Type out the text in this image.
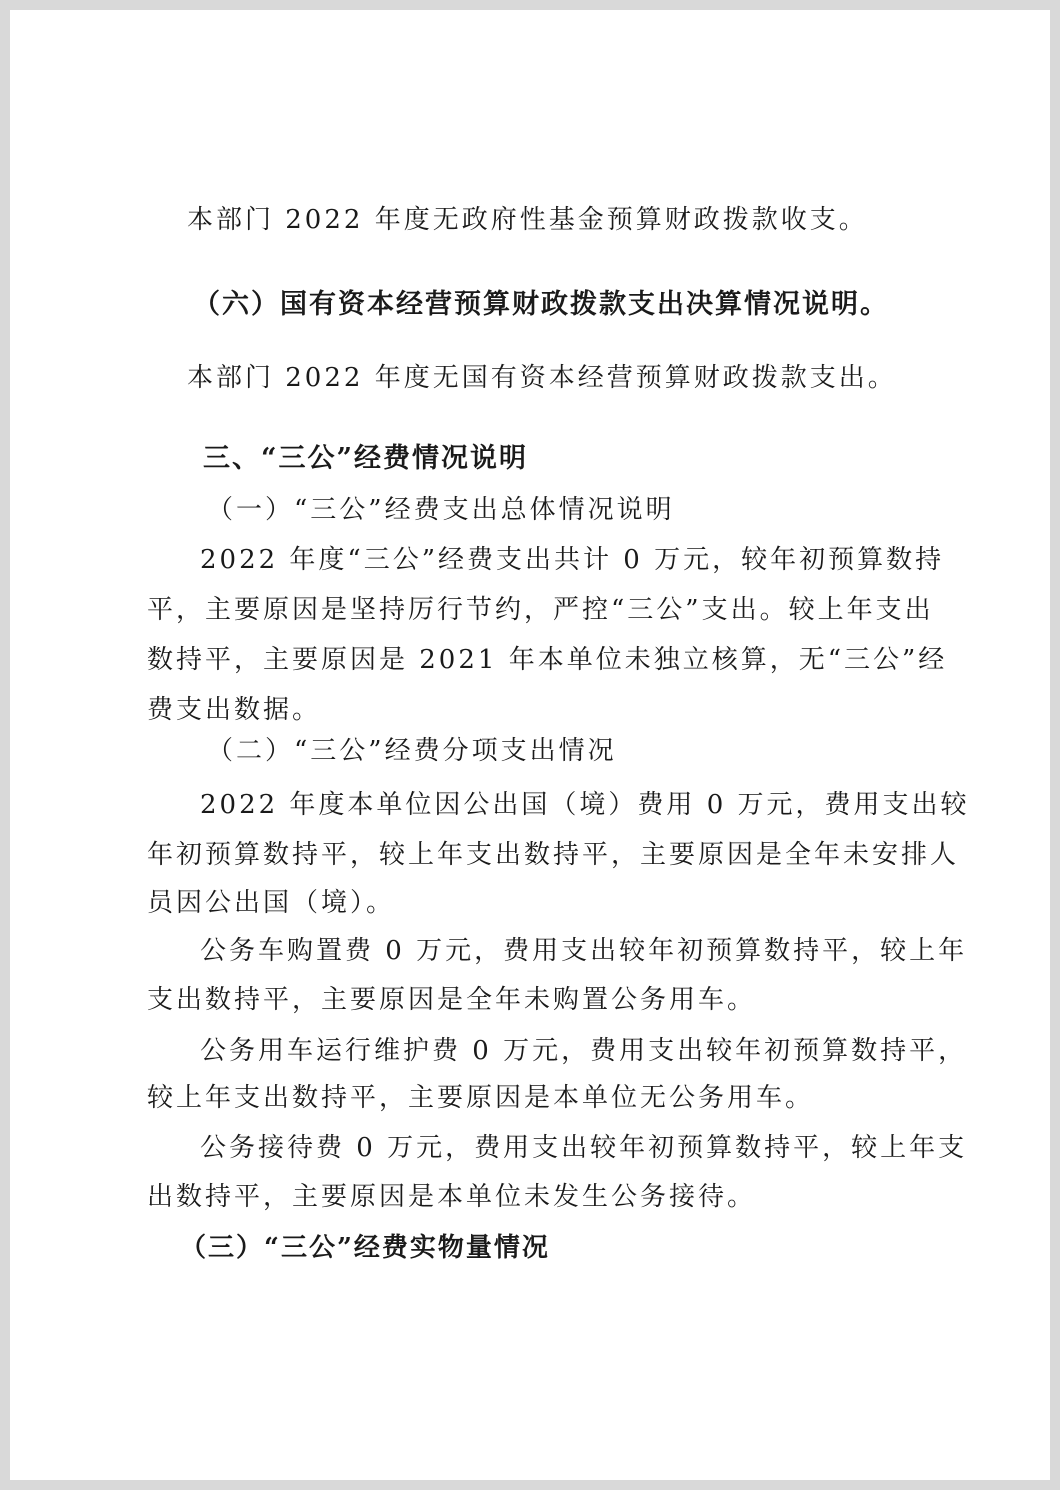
本部门 2022 年度无政府性基金预算财政拨款收支。
（六）国有资本经营预算财政拨款支出决算情况说明。
本部门 2022 年度无国有资本经营预算财政拨款支出。
三、“三公”经费情况说明
（一）“三公”经费支出总体情况说明
2022 年度“三公”经费支出共计 0 万元，较年初预算数持
平，主要原因是坚持厉行节约，严控“三公”支出。较上年支出
数持平，主要原因是 2021 年本单位未独立核算，无“三公”经
费支出数据。
（二）“三公”经费分项支出情况
2022 年度本单位因公出国（境）费用 0 万元，费用支出较
年初预算数持平，较上年支出数持平，主要原因是全年未安排人
员因公出国（境）。
公务车购置费 0 万元，费用支出较年初预算数持平，较上年
支出数持平，主要原因是全年未购置公务用车。
公务用车运行维护费 0 万元，费用支出较年初预算数持平，
较上年支出数持平，主要原因是本单位无公务用车。
公务接待费 0 万元，费用支出较年初预算数持平，较上年支
出数持平，主要原因是本单位未发生公务接待。
（三）“三公”经费实物量情况
